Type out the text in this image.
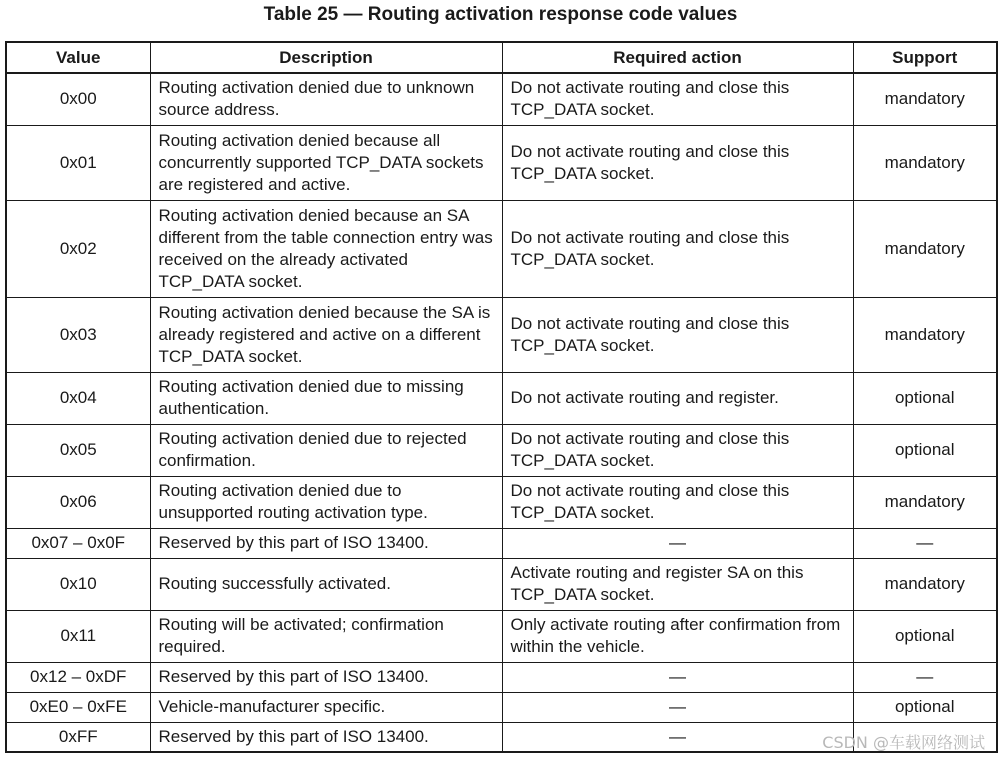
Table 25 — Routing activation response code values
Value	Description	Required action	Support
0x00	Routing activation denied due to unknown source address.	Do not activate routing and close this TCP_DATA socket.	mandatory
0x01	Routing activation denied because all concurrently supported TCP_DATA sockets are registered and active.	Do not activate routing and close this TCP_DATA socket.	mandatory
0x02	Routing activation denied because an SA different from the table connection entry was received on the already activated TCP_DATA socket.	Do not activate routing and close this TCP_DATA socket.	mandatory
0x03	Routing activation denied because the SA is already registered and active on a different TCP_DATA socket.	Do not activate routing and close this TCP_DATA socket.	mandatory
0x04	Routing activation denied due to missing authentication.	Do not activate routing and register.	optional
0x05	Routing activation denied due to rejected confirmation.	Do not activate routing and close this TCP_DATA socket.	optional
0x06	Routing activation denied due to unsupported routing activation type.	Do not activate routing and close this TCP_DATA socket.	mandatory
0x07 – 0x0F	Reserved by this part of ISO 13400.	—	—
0x10	Routing successfully activated.	Activate routing and register SA on this TCP_DATA socket.	mandatory
0x11	Routing will be activated; confirmation required.	Only activate routing after confirmation from within the vehicle.	optional
0x12 – 0xDF	Reserved by this part of ISO 13400.	—	—
0xE0 – 0xFE	Vehicle-manufacturer specific.	—	optional
0xFF	Reserved by this part of ISO 13400.	—		CSDN @车载网络测试
